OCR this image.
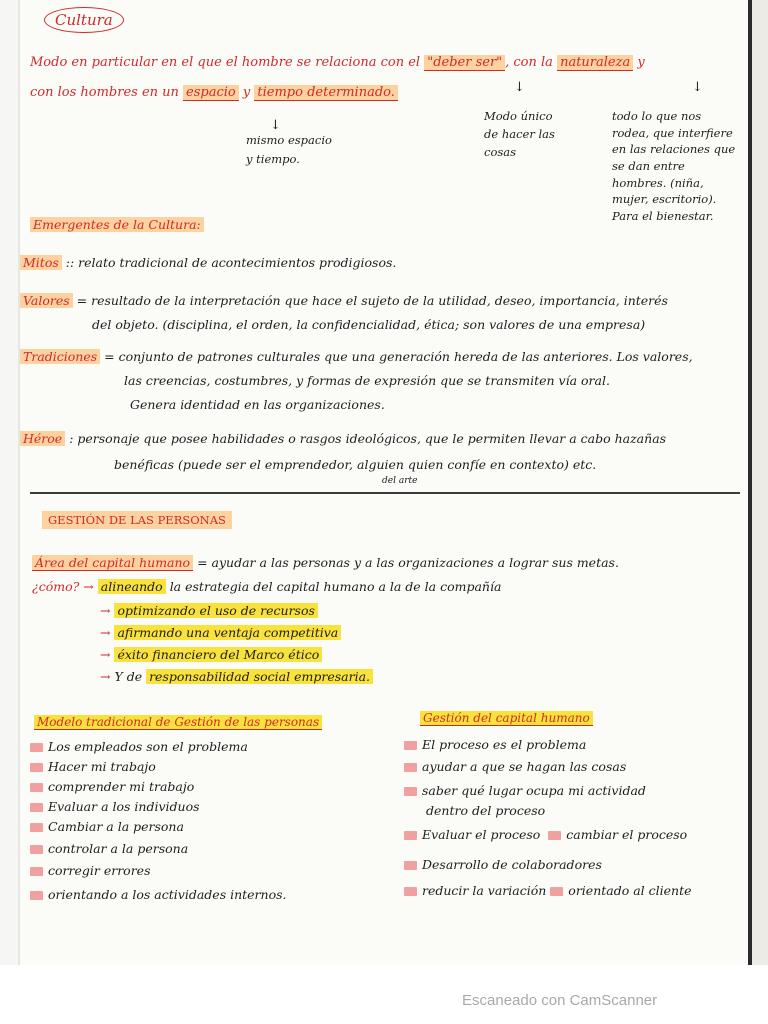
Cultura
Modo en particular en el que el hombre se relaciona con el "deber ser" , con la naturaleza y
con los hombres en un espacio y tiempo determinado.
↓
mismo espacio
y tiempo.
↓
Modo único
de hacer las
cosas
↓
todo lo que nos
rodea, que interfiere
en las relaciones que
se dan entre
hombres. (niña,
mujer, escritorio).
Para el bienestar.
Emergentes de la Cultura:
Mitos :: relato tradicional de acontecimientos prodigiosos.
Valores = resultado de la interpretación que hace el sujeto de la utilidad, deseo, importancia, interés
del objeto. (disciplina, el orden, la confidencialidad, ética; son valores de una empresa)
Tradiciones = conjunto de patrones culturales que una generación hereda de las anteriores. Los valores,
las creencias, costumbres, y formas de expresión que se transmiten vía oral.
Genera identidad en las organizaciones.
Héroe : personaje que posee habilidades o rasgos ideológicos, que le permiten llevar a cabo hazañas
benéficas (puede ser el emprendedor, alguien quien confíe en contexto) etc.
del arte
GESTIÓN DE LAS PERSONAS
Área del capital humano = ayudar a las personas y a las organizaciones a lograr sus metas.
¿cómo? → alineando la estrategia del capital humano a la de la compañía
→ optimizando el uso de recursos
→ afirmando una ventaja competitiva
→ éxito financiero del Marco ético
→ Y de responsabilidad social empresaria.
Modelo tradicional de Gestión de las personas	Gestión del capital humano
Los empleados son el problema
Hacer mi trabajo
comprender mi trabajo
Evaluar a los individuos
Cambiar a la persona
controlar a la persona
corregir errores
orientando a los actividades internos.
El proceso es el problema
ayudar a que se hagan las cosas
saber qué lugar ocupa mi actividad
dentro del proceso
Evaluar el proceso cambiar el proceso
Desarrollo de colaboradores
reducir la variación orientado al cliente
Escaneado con CamScanner
